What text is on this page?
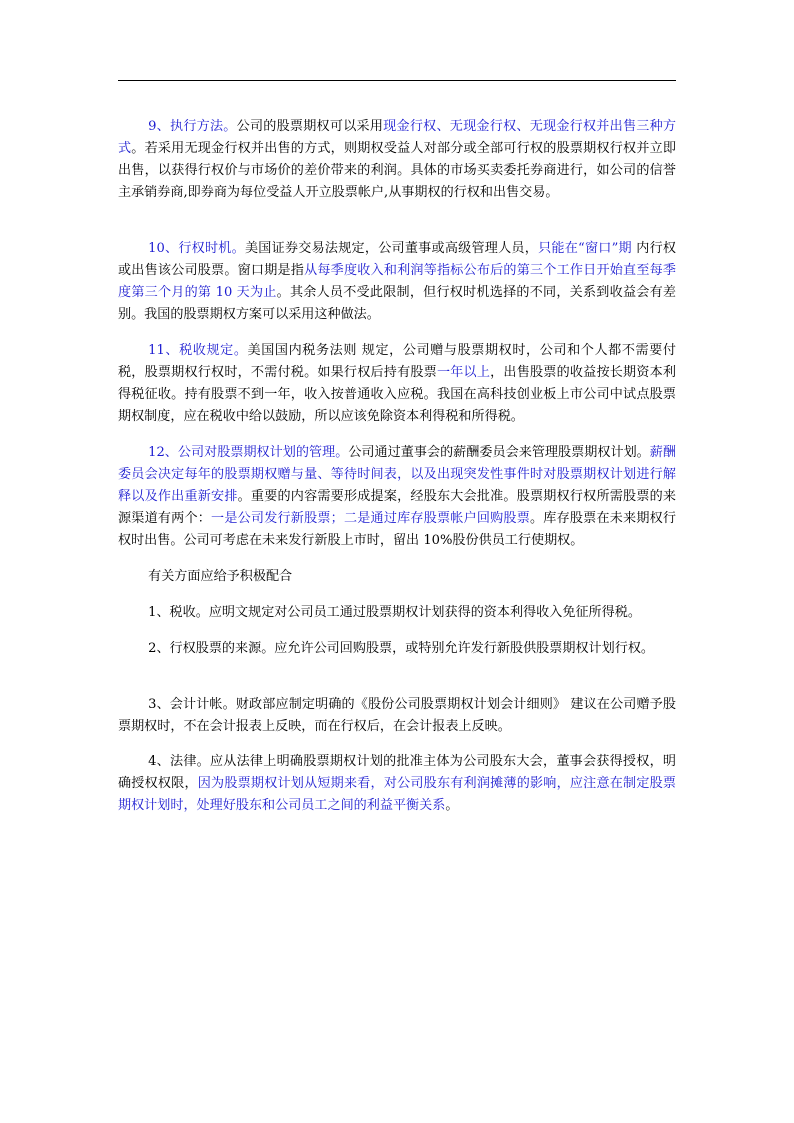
9、执行方法。公司的股票期权可以采用现金行权、无现金行权、无现金行权并出售三种方式。若采用无现金行权并出售的方式，则期权受益人对部分或全部可行权的股票期权行权并立即出售，以获得行权价与市场价的差价带来的利润。具体的市场买卖委托券商进行，如公司的信誉主承销券商,即券商为每位受益人开立股票帐户,从事期权的行权和出售交易。

10、行权时机。美国证券交易法规定，公司董事或高级管理人员，只能在“窗口”期 内行权或出售该公司股票。窗口期是指从每季度收入和利润等指标公布后的第三个工作日开始直至每季度第三个月的第 10 天为止。其余人员不受此限制，但行权时机选择的不同，关系到收益会有差别。我国的股票期权方案可以采用这种做法。

11、税收规定。美国国内税务法则 规定，公司赠与股票期权时，公司和个人都不需要付税，股票期权行权时，不需付税。如果行权后持有股票一年以上，出售股票的收益按长期资本利得税征收。持有股票不到一年，收入按普通收入应税。我国在高科技创业板上市公司中试点股票期权制度，应在税收中给以鼓励，所以应该免除资本利得税和所得税。

12、公司对股票期权计划的管理。公司通过董事会的薪酬委员会来管理股票期权计划。薪酬委员会决定每年的股票期权赠与量、等待时间表，以及出现突发性事件时对股票期权计划进行解释以及作出重新安排。重要的内容需要形成提案，经股东大会批准。股票期权行权所需股票的来源渠道有两个：一是公司发行新股票；二是通过库存股票帐户回购股票。库存股票在未来期权行权时出售。公司可考虑在未来发行新股上市时，留出 10%股份供员工行使期权。

有关方面应给予积极配合

1、税收。应明文规定对公司员工通过股票期权计划获得的资本利得收入免征所得税。

2、行权股票的来源。应允许公司回购股票，或特别允许发行新股供股票期权计划行权。

3、会计计帐。财政部应制定明确的《股份公司股票期权计划会计细则》 建议在公司赠予股票期权时，不在会计报表上反映，而在行权后，在会计报表上反映。

4、法律。应从法律上明确股票期权计划的批准主体为公司股东大会，董事会获得授权，明确授权权限，因为股票期权计划从短期来看，对公司股东有利润摊薄的影响，应注意在制定股票期权计划时，处理好股东和公司员工之间的利益平衡关系。
